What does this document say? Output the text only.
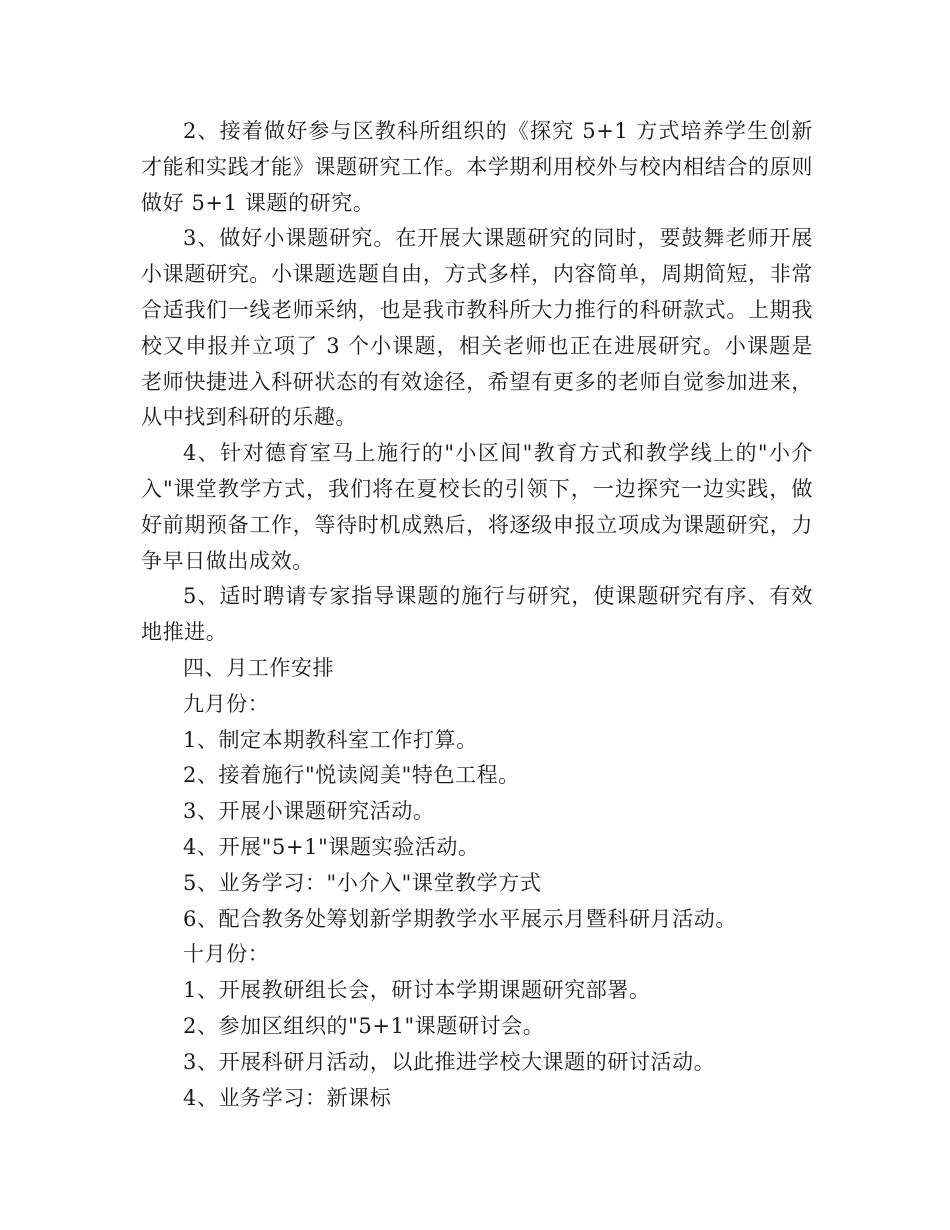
2、接着做好参与区教科所组织的《探究 5+1 方式培养学生创新才能和实践才能》课题研究工作。本学期利用校外与校内相结合的原则做好 5+1 课题的研究。

3、做好小课题研究。在开展大课题研究的同时，要鼓舞老师开展小课题研究。小课题选题自由，方式多样，内容简单，周期简短，非常合适我们一线老师采纳，也是我市教科所大力推行的科研款式。上期我校又申报并立项了 3 个小课题，相关老师也正在进展研究。小课题是老师快捷进入科研状态的有效途径，希望有更多的老师自觉参加进来，从中找到科研的乐趣。

4、针对德育室马上施行的"小区间"教育方式和教学线上的"小介入"课堂教学方式，我们将在夏校长的引领下，一边探究一边实践，做好前期预备工作，等待时机成熟后，将逐级申报立项成为课题研究，力争早日做出成效。

5、适时聘请专家指导课题的施行与研究，使课题研究有序、有效地推进。

四、月工作安排

九月份：

1、制定本期教科室工作打算。

2、接着施行"悦读阅美"特色工程。

3、开展小课题研究活动。

4、开展"5+1"课题实验活动。

5、业务学习："小介入"课堂教学方式

6、配合教务处筹划新学期教学水平展示月暨科研月活动。

十月份：

1、开展教研组长会，研讨本学期课题研究部署。

2、参加区组织的"5+1"课题研讨会。

3、开展科研月活动，以此推进学校大课题的研讨活动。

4、业务学习：新课标
